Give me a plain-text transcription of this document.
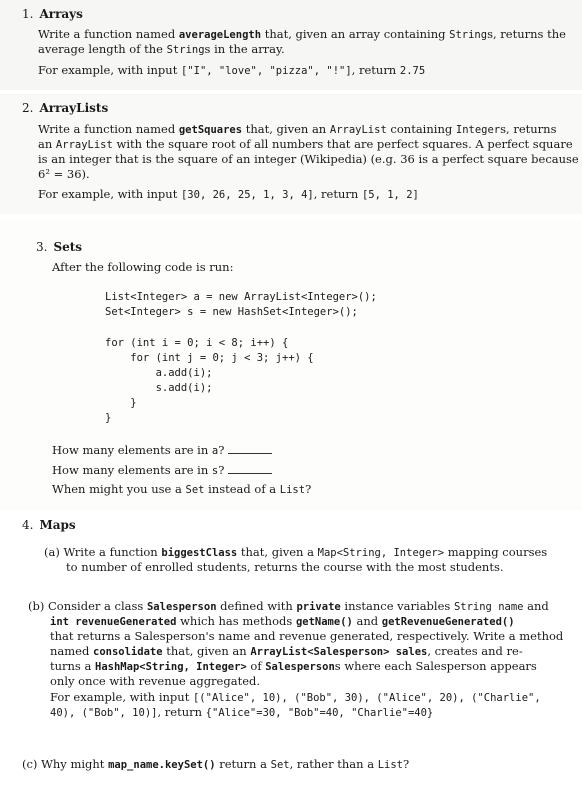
1. Arrays
Write a function named averageLength that, given an array containing Strings, returns the
average length of the Strings in the array.
For example, with input ["I", "love", "pizza", "!"], return 2.75
2. ArrayLists
Write a function named getSquares that, given an ArrayList containing Integers, returns
an ArrayList with the square root of all numbers that are perfect squares. A perfect square
is an integer that is the square of an integer (Wikipedia) (e.g. 36 is a perfect square because
6² = 36).
For example, with input [30, 26, 25, 1, 3, 4], return [5, 1, 2]
3. Sets
After the following code is run:
List<Integer> a = new ArrayList<Integer>();
Set<Integer> s = new HashSet<Integer>();
for (int i = 0; i < 8; i++) {
for (int j = 0; j < 3; j++) {
a.add(i);
s.add(i);
}
}
How many elements are in a?
How many elements are in s?
When might you use a Set instead of a List?
4. Maps
(a) Write a function biggestClass that, given a Map<String, Integer> mapping courses
to number of enrolled students, returns the course with the most students.
(b) Consider a class Salesperson defined with private instance variables String name and
int revenueGenerated which has methods getName() and getRevenueGenerated()
that returns a Salesperson's name and revenue generated, respectively. Write a method
named consolidate that, given an ArrayList<Salesperson> sales, creates and re-
turns a HashMap<String, Integer> of Salespersons where each Salesperson appears
only once with revenue aggregated.
For example, with input [("Alice", 10), ("Bob", 30), ("Alice", 20), ("Charlie",
40), ("Bob", 10)], return {"Alice"=30, "Bob"=40, "Charlie"=40}
(c) Why might map_name.keySet() return a Set, rather than a List?
